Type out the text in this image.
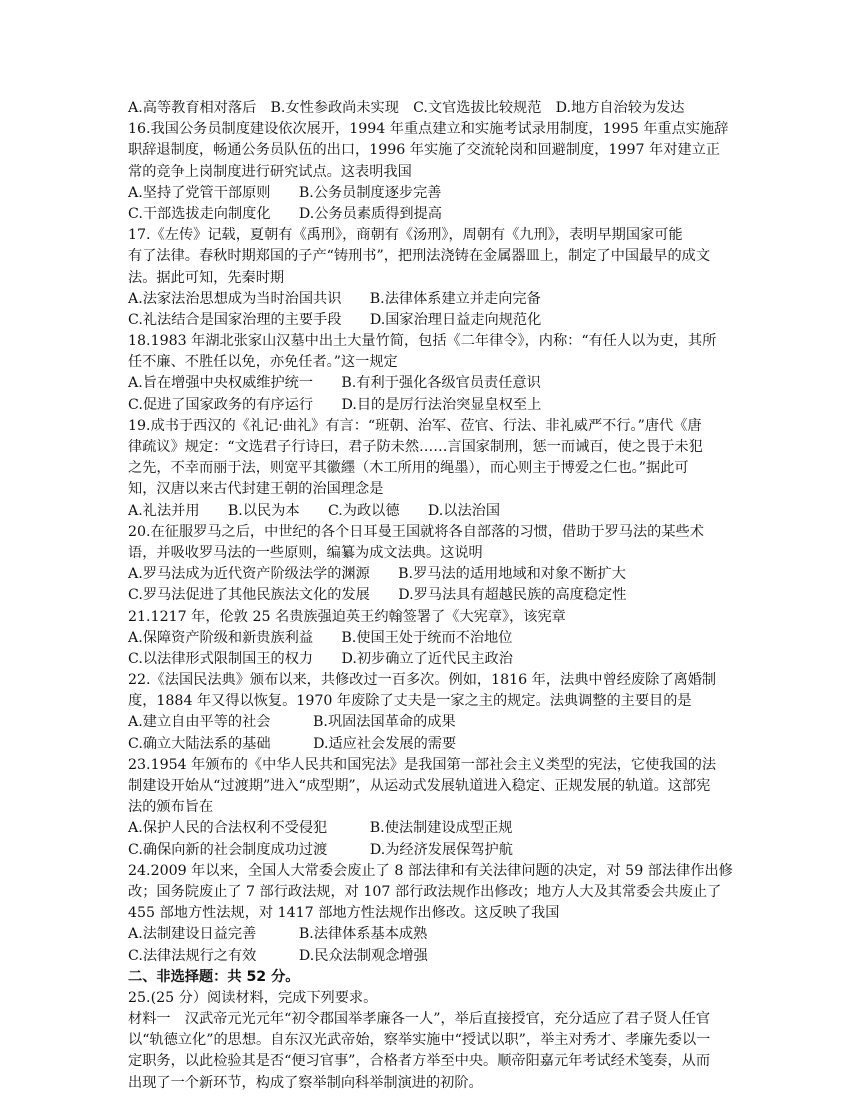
A.高等教育相对落后　B.女性参政尚未实现　C.文官选拔比较规范　D.地方自治较为发达
16.我国公务员制度建设依次展开，1994 年重点建立和实施考试录用制度，1995 年重点实施辞
职辞退制度，畅通公务员队伍的出口，1996 年实施了交流轮岗和回避制度，1997 年对建立正
常的竞争上岗制度进行研究试点。这表明我国
A.坚持了党管干部原则　　B.公务员制度逐步完善
C.干部选拔走向制度化　　D.公务员素质得到提高
17.《左传》记载，夏朝有《禹刑》，商朝有《汤刑》，周朝有《九刑》，表明早期国家可能
有了法律。春秋时期郑国的子产“铸刑书”，把刑法浇铸在金属器皿上，制定了中国最早的成文
法。据此可知，先秦时期
A.法家法治思想成为当时治国共识　　B.法律体系建立并走向完备
C.礼法结合是国家治理的主要手段　　D.国家治理日益走向规范化
18.1983 年湖北张家山汉墓中出土大量竹简，包括《二年律令》，内称：“有任人以为吏，其所
任不廉、不胜任以免，亦免任者。”这一规定
A.旨在增强中央权威维护统一　　B.有利于强化各级官员责任意识
C.促进了国家政务的有序运行　　D.目的是厉行法治突显皇权至上
19.成书于西汉的《礼记·曲礼》有言：“班朝、治军、莅官、行法、非礼威严不行。”唐代《唐
律疏议》规定：“文选君子行诗曰，君子防未然……言国家制刑，惩一而诫百，使之畏于未犯
之先，不幸而丽于法，则宽平其徽纆（木工所用的绳墨），而心则主于博爱之仁也。”据此可
知，汉唐以来古代封建王朝的治国理念是
A.礼法并用　　B.以民为本　　C.为政以德　　D.以法治国
20.在征服罗马之后，中世纪的各个日耳曼王国就将各自部落的习惯，借助于罗马法的某些术
语，并吸收罗马法的一些原则，编纂为成文法典。这说明
A.罗马法成为近代资产阶级法学的渊源　　B.罗马法的适用地域和对象不断扩大
C.罗马法促进了其他民族法文化的发展　　D.罗马法具有超越民族的高度稳定性
21.1217 年，伦敦 25 名贵族强迫英王约翰签署了《大宪章》，该宪章
A.保障资产阶级和新贵族利益　　B.使国王处于统而不治地位
C.以法律形式限制国王的权力　　D.初步确立了近代民主政治
22.《法国民法典》颁布以来，共修改过一百多次。例如，1816 年，法典中曾经废除了离婚制
度，1884 年又得以恢复。1970 年废除了丈夫是一家之主的规定。法典调整的主要目的是
A.建立自由平等的社会　　　B.巩固法国革命的成果
C.确立大陆法系的基础　　　D.适应社会发展的需要
23.1954 年颁布的《中华人民共和国宪法》是我国第一部社会主义类型的宪法，它使我国的法
制建设开始从“过渡期”进入“成型期”，从运动式发展轨道进入稳定、正规发展的轨道。这部宪
法的颁布旨在
A.保护人民的合法权利不受侵犯　　　B.使法制建设成型正规
C.确保向新的社会制度成功过渡　　　D.为经济发展保驾护航
24.2009 年以来，全国人大常委会废止了 8 部法律和有关法律问题的决定，对 59 部法律作出修
改；国务院废止了 7 部行政法规，对 107 部行政法规作出修改；地方人大及其常委会共废止了
455 部地方性法规，对 1417 部地方性法规作出修改。这反映了我国
A.法制建设日益完善　　　B.法律体系基本成熟
C.法律法规行之有效　　　D.民众法制观念增强
二、非选择题：共 52 分。
25.(25 分）阅读材料，完成下列要求。
材料一　汉武帝元光元年“初令郡国举孝廉各一人”，举后直接授官，充分适应了君子贤人任官
以“轨德立化”的思想。自东汉光武帝始，察举实施中“授试以职”，举主对秀才、孝廉先委以一
定职务，以此检验其是否“便习官事”，合格者方举至中央。顺帝阳嘉元年考试经术笺奏，从而
出现了一个新环节，构成了察举制向科举制演进的初阶。
